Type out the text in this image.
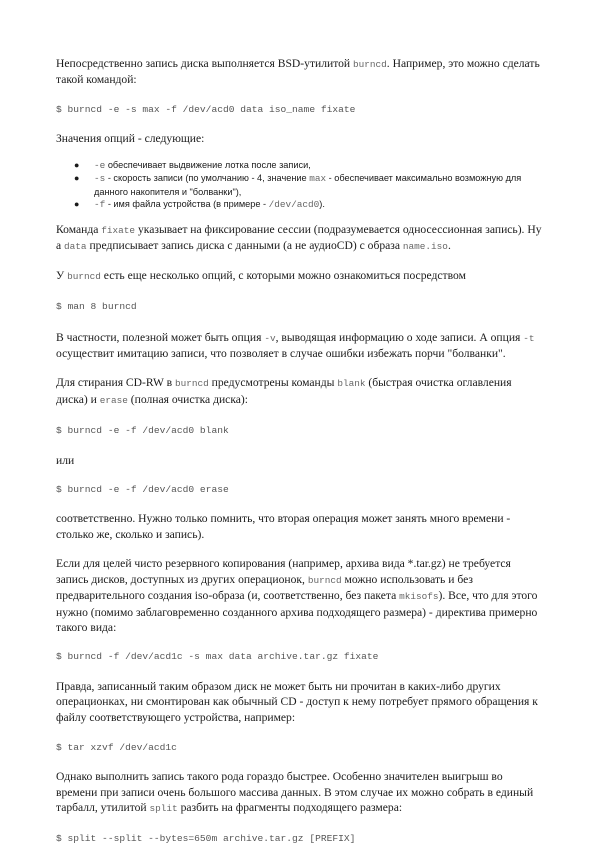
Непосредственно запись диска выполняется BSD-утилитой burncd. Например, это можно сделать такой командой:

$ burncd -e -s max -f /dev/acd0 data iso_name fixate

Значения опций - следующие:

● -e обеспечивает выдвижение лотка после записи,
● -s - скорость записи (по умолчанию - 4, значение max - обеспечивает максимально возможную для данного накопителя и "болванки"),
● -f - имя файла устройства (в примере - /dev/acd0).

Команда fixate указывает на фиксирование сессии (подразумевается односессионная запись). Ну а data предписывает запись диска с данными (а не аудиоCD) с образа name.iso.

У burncd есть еще несколько опций, с которыми можно ознакомиться посредством

$ man 8 burncd

В частности, полезной может быть опция -v, выводящая информацию о ходе записи. А опция -t осуществит имитацию записи, что позволяет в случае ошибки избежать порчи "болванки".

Для стирания CD-RW в burncd предусмотрены команды blank (быстрая очистка оглавления диска) и erase (полная очистка диска):

$ burncd -e -f /dev/acd0 blank

или

$ burncd -e -f /dev/acd0 erase

соответственно. Нужно только помнить, что вторая операция может занять много времени - столько же, сколько и запись).

Если для целей чисто резервного копирования (например, архива вида *.tar.gz) не требуется запись дисков, доступных из других операционок, burncd можно использовать и без предварительного создания iso-образа (и, соответственно, без пакета mkisofs). Все, что для этого нужно (помимо заблаговременно созданного архива подходящего размера) - директива примерно такого вида:

$ burncd -f /dev/acd1c -s max data archive.tar.gz fixate

Правда, записанный таким образом диск не может быть ни прочитан в каких-либо других операционках, ни смонтирован как обычный CD - доступ к нему потребует прямого обращения к файлу соответствующего устройства, например:

$ tar xzvf /dev/acd1c

Однако выполнить запись такого рода гораздо быстрее. Особенно значителен выигрыш во времени при записи очень большого массива данных. В этом случае их можно собрать в единый тарбалл, утилитой split разбить на фрагменты подходящего размера:

$ split --split --bytes=650m archive.tar.gz [PREFIX]
